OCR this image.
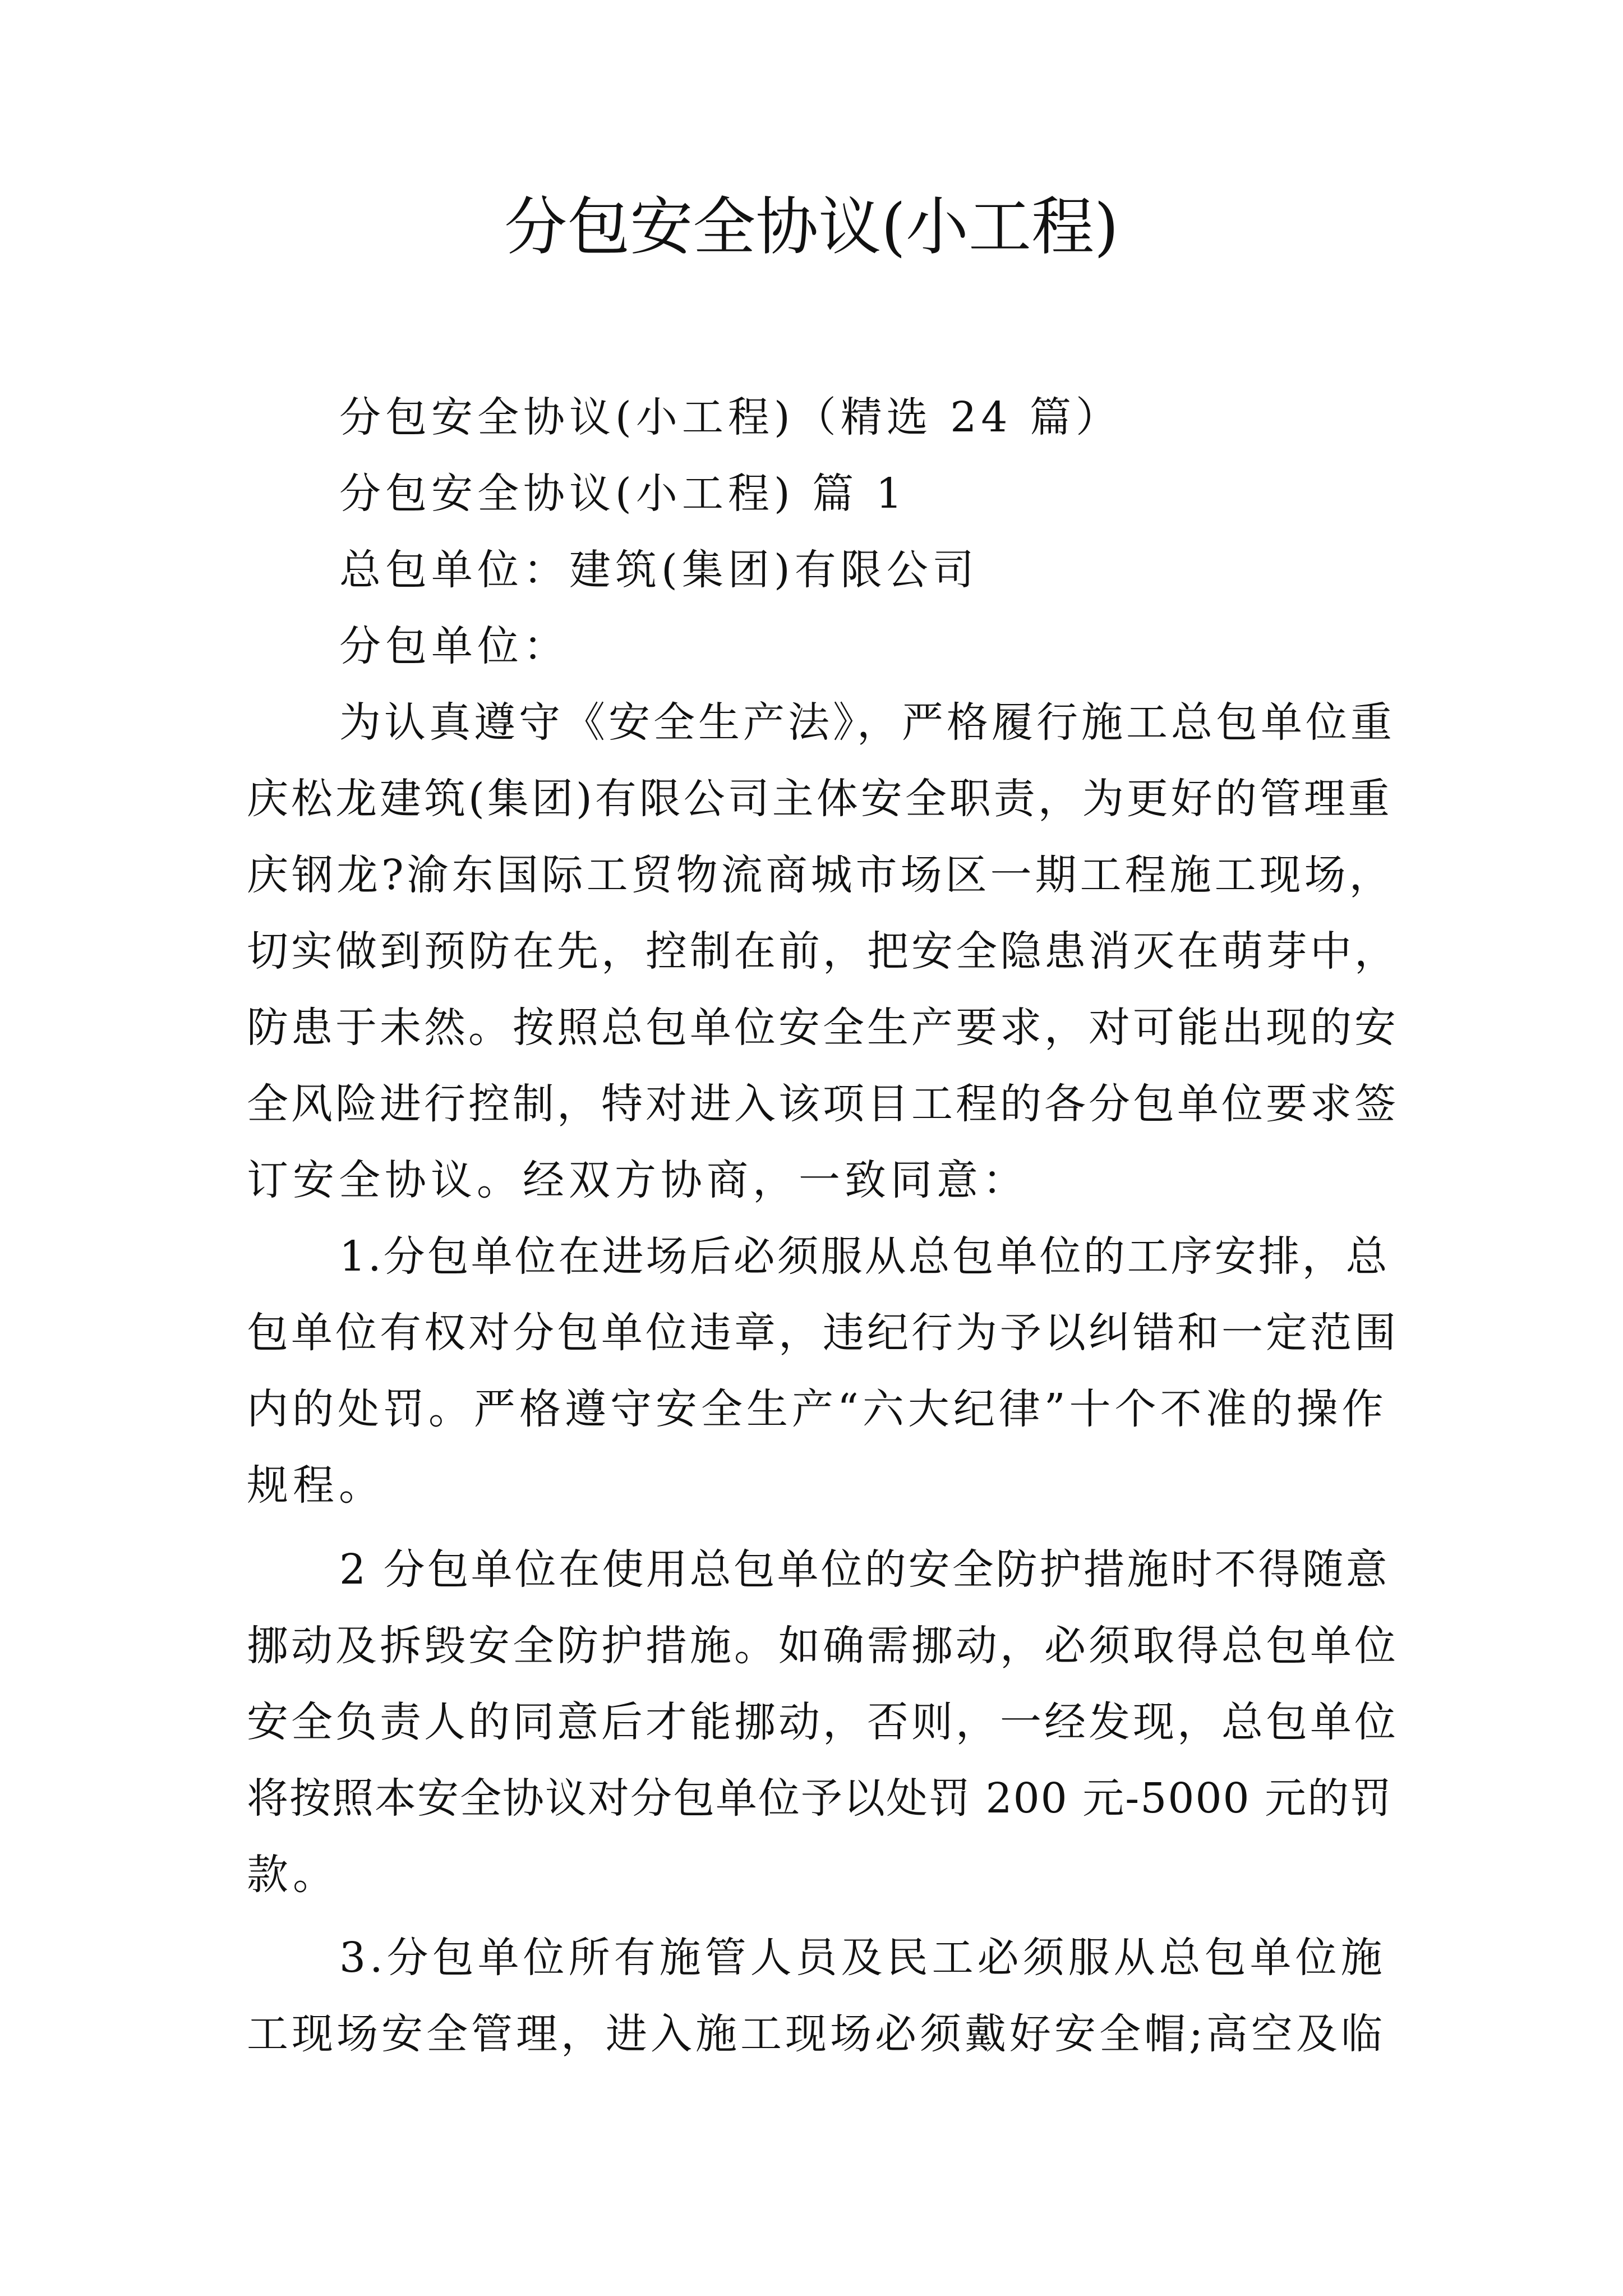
分包安全协议(小工程)
分包安全协议(小工程)（精选 24 篇）
分包安全协议(小工程) 篇 1
总包单位：建筑(集团)有限公司
分包单位：
为认真遵守《安全生产法》，严格履行施工总包单位重
庆松龙建筑(集团)有限公司主体安全职责，为更好的管理重
庆钢龙?渝东国际工贸物流商城市场区一期工程施工现场，
切实做到预防在先，控制在前，把安全隐患消灭在萌芽中，
防患于未然。按照总包单位安全生产要求，对可能出现的安
全风险进行控制，特对进入该项目工程的各分包单位要求签
订安全协议。经双方协商，一致同意：
1.分包单位在进场后必须服从总包单位的工序安排，总
包单位有权对分包单位违章，违纪行为予以纠错和一定范围
内的处罚。严格遵守安全生产“六大纪律”十个不准的操作
规程。
2 分包单位在使用总包单位的安全防护措施时不得随意
挪动及拆毁安全防护措施。如确需挪动，必须取得总包单位
安全负责人的同意后才能挪动，否则，一经发现，总包单位
将按照本安全协议对分包单位予以处罚 200 元-5000 元的罚
款。
3.分包单位所有施管人员及民工必须服从总包单位施
工现场安全管理，进入施工现场必须戴好安全帽;高空及临
